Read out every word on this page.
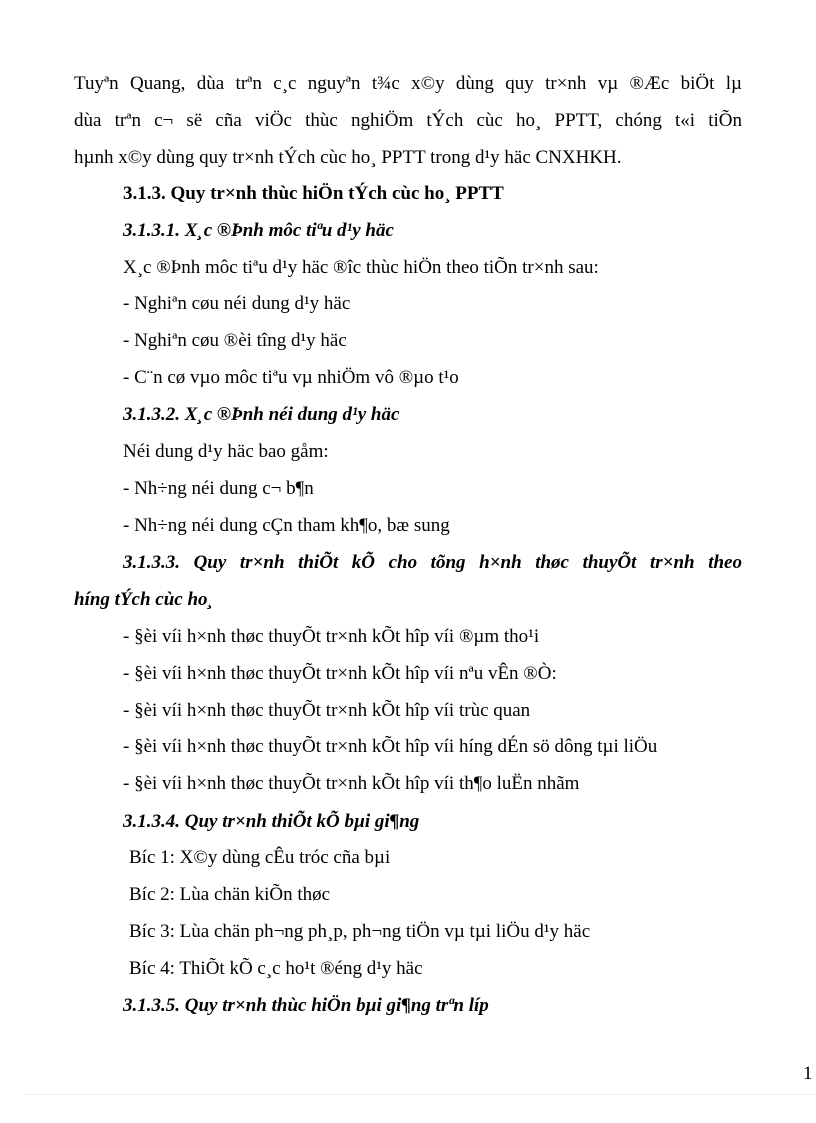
Tuyªn Quang, dùa trªn c¸c nguyªn t¾c x©y dùng quy tr×nh vµ ®Æc biÖt lµ
dùa trªn c¬ së cña viÖc thùc nghiÖm tÝch cùc ho¸ PPTT, chóng t«i tiÕn
hµnh x©y dùng quy tr×nh tÝch cùc ho¸ PPTT trong d¹y häc CNXHKH.
3.1.3. Quy tr×nh thùc hiÖn tÝch cùc ho¸ PPTT
3.1.3.1. X¸c ®Þnh môc tiªu d¹y häc
X¸c ®Þnh môc tiªu d¹y häc ®îc thùc hiÖn theo tiÕn tr×nh sau:
- Nghiªn cøu néi dung d¹y häc
- Nghiªn cøu ®èi tîng d¹y häc
- C¨n cø vµo môc tiªu vµ nhiÖm vô ®µo t¹o
3.1.3.2. X¸c ®Þnh néi dung d¹y häc
Néi dung d¹y häc bao gåm:
- Nh÷ng néi dung c¬ b¶n
- Nh÷ng néi dung cÇn tham kh¶o, bæ sung
3.1.3.3. Quy tr×nh thiÕt kÕ cho tõng h×nh thøc thuyÕt tr×nh theo
híng tÝch cùc ho¸
- §èi víi h×nh thøc thuyÕt tr×nh kÕt hîp víi ®µm tho¹i
- §èi víi h×nh thøc thuyÕt tr×nh kÕt hîp víi nªu vÊn ®Ò:
- §èi víi h×nh thøc thuyÕt tr×nh kÕt hîp víi trùc quan
- §èi víi h×nh thøc thuyÕt tr×nh kÕt hîp víi híng dÉn sö dông tµi liÖu
- §èi víi h×nh thøc thuyÕt tr×nh kÕt hîp víi th¶o luËn nhãm
3.1.3.4. Quy tr×nh thiÕt kÕ bµi gi¶ng
Bíc 1: X©y dùng cÊu tróc cña bµi
Bíc 2: Lùa chän kiÕn thøc
Bíc 3: Lùa chän ph¬ng ph¸p, ph¬ng tiÖn vµ tµi liÖu d¹y häc
Bíc 4: ThiÕt kÕ c¸c ho¹t ®éng d¹y häc
3.1.3.5. Quy tr×nh thùc hiÖn bµi gi¶ng trªn líp
1
